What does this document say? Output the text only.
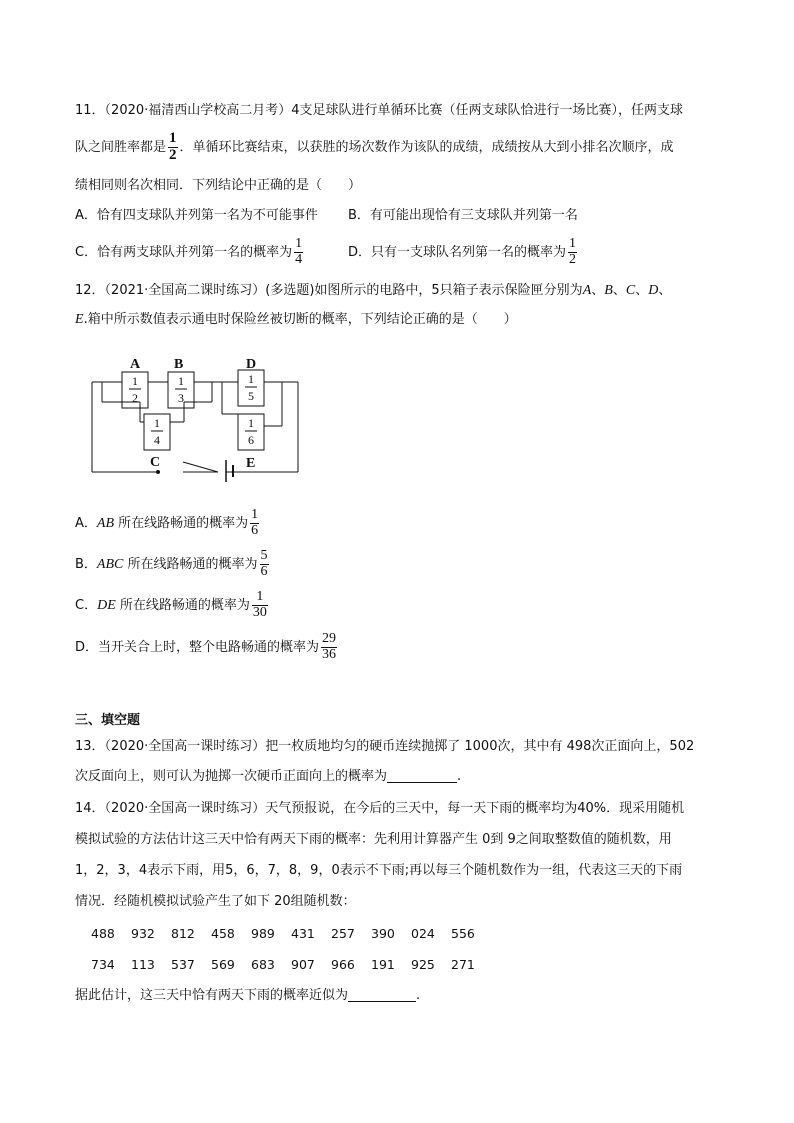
11．（2020·福清西山学校高二月考）4支足球队进行单循环比赛（任两支球队恰进行一场比赛），任两支球
队之间胜率都是 $\frac{1}{2}$ ．单循环比赛结束，以获胜的场次数作为该队的成绩，成绩按从大到小排名次顺序，成
绩相同则名次相同．下列结论中正确的是（　　）
A．恰有四支球队并列第一名为不可能事件 B．有可能出现恰有三支球队并列第一名
C．恰有两支球队并列第一名的概率为 $\frac{1}{4}$	D．只有一支球队名列第一名的概率为 $\frac{1}{2}$
12．（2021·全国高二课时练习）(多选题)如图所示的电路中，5只箱子表示保险匣分别为A、B、C、D、
E.箱中所示数值表示通电时保险丝被切断的概率，下列结论正确的是（　　）
A B
C
D
E
1
2
1
3
1
4
1
5
1
6
A．AB 所在线路畅通的概率为 $\frac{1}{6}$
B．ABC 所在线路畅通的概率为 $\frac{5}{6}$
C．DE 所在线路畅通的概率为 $\frac{1}{30}$
D．当开关合上时，整个电路畅通的概率为 $\frac{29}{36}$
三、填空题
13．（2020·全国高一课时练习）把一枚质地均匀的硬币连续抛掷了 1000次，其中有 498次正面向上，502
次反面向上，则可认为抛掷一次硬币正面向上的概率为	.
14．（2020·全国高一课时练习）天气预报说，在今后的三天中，每一天下雨的概率均为40%．现采用随机
模拟试验的方法估计这三天中恰有两天下雨的概率：先利用计算器产生 0到 9之间取整数值的随机数，用
1，2，3，4表示下雨，用5，6，7，8，9，0表示不下雨;再以每三个随机数作为一组，代表这三天的下雨
情况．经随机模拟试验产生了如下 20组随机数：
488 932 812 458 989 431 257 390 024 556
734 113 537 569 683 907 966 191 925 271
据此估计，这三天中恰有两天下雨的概率近似为	.
